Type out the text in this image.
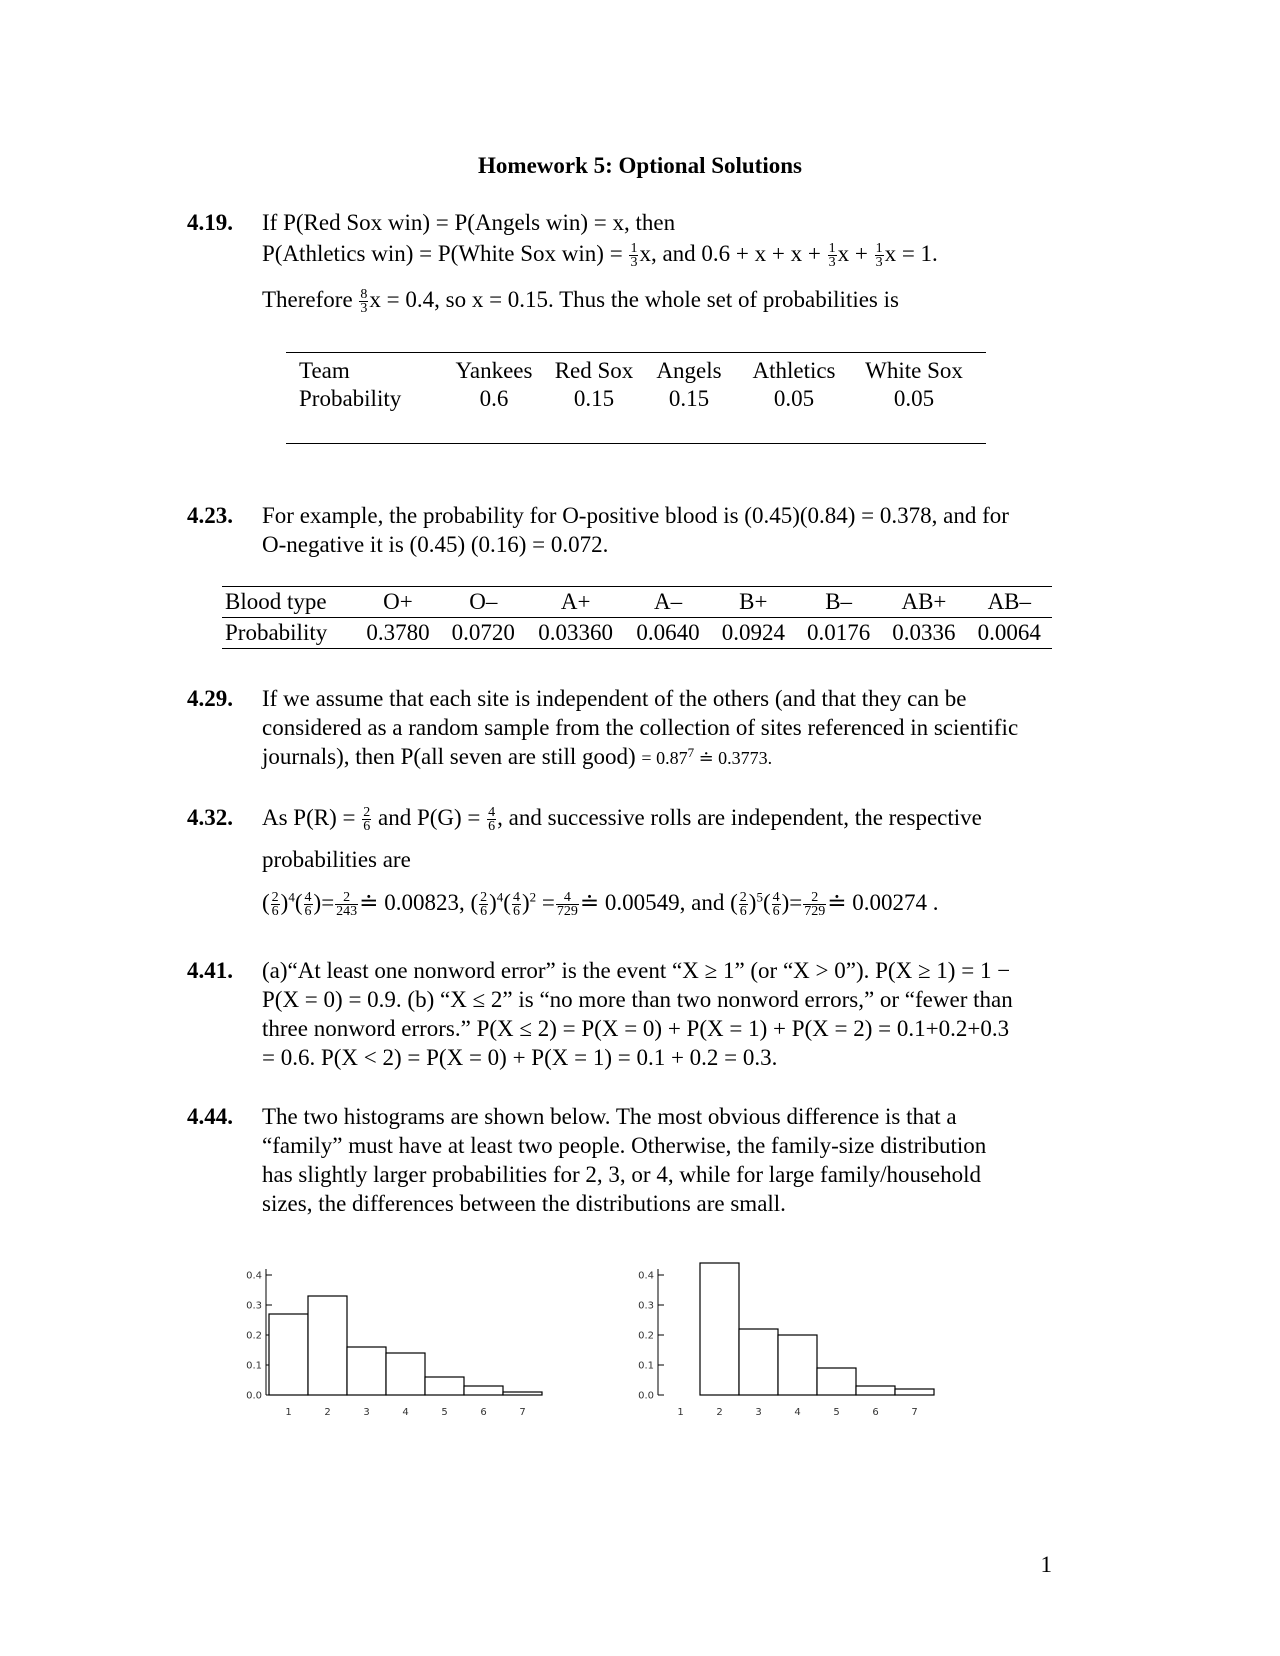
Homework 5: Optional Solutions
4.19. If P(Red Sox win) = P(Angels win) = x, then
P(Athletics win) = P(White Sox $win) = \frac{1}{3} x$, and $0.6 + x + x + \frac{1}{3}$ $x + \frac{1}{3}$ x = 1.
Therefore $\frac{8}{3}$ x = 0.4, so x = 0.15. Thus the whole set of probabilities is
Team	Yankees	Red Sox	Angels	Athletics	White Sox
Probability	0.6	0.15	0.15	0.05	0.05
4.23. For example, the probability for O-positive blood is (0.45)(0.84) = 0.378, and for
O-negative it is (0.45) (0.16) = 0.072.
Blood type	O+	O–	A+	A–	B+	B–	AB+	AB–
Probability	0.3780	0.0720	0.03360	0.0640	0.0924	0.0176	0.0336	0.0064
4.29. If we assume that each site is independent of the others (and that they can be
considered as a random sample from the collection of sites referenced in scientific
journals), then P(all seven are still good) = $0.87^7$ ≐ 0.3773.
4.32. As $P(R) = \frac{2}{6}$ and $P(G) = \frac{4}{6}$ , and successive rolls are independent, the respective
probabilities are
( $\frac{2}{6} )^4( \frac{4}{6}$ )= $\frac{2}{243}$ ≐ 0.00823, ( $\frac{2}{6} )^4( \frac{4}{6} )^2 = \frac{4}{729}$ ≐ 0.00549, and ( $\frac{2}{6} )^5( \frac{4}{6}$ )= $\frac{2}{729}$ ≐ 0.00274 .
4.41. (a)“At least one nonword error” is the event “X ≥ 1” (or “X > 0”). P(X ≥ 1) = 1 −
P(X = 0) = 0.9. (b) “X ≤ 2” is “no more than two nonword errors,” or “fewer than
three nonword errors.” P(X ≤ 2) = P(X = 0) + P(X = 1) + P(X = 2) = 0.1+0.2+0.3
= 0.6. P(X < 2) = P(X = 0) + P(X = 1) = 0.1 + 0.2 = 0.3.
4.44. The two histograms are shown below. The most obvious difference is that a
“family” must have at least two people. Otherwise, the family-size distribution
has slightly larger probabilities for 2, 3, or 4, while for large family/household
sizes, the differences between the distributions are small.
0.0
0.1
0.2
0.3
0.4
1	2	3	4	5	6	7
0.0
0.1
0.2
0.3
0.4
1	2	3	4	5	6	7
1
